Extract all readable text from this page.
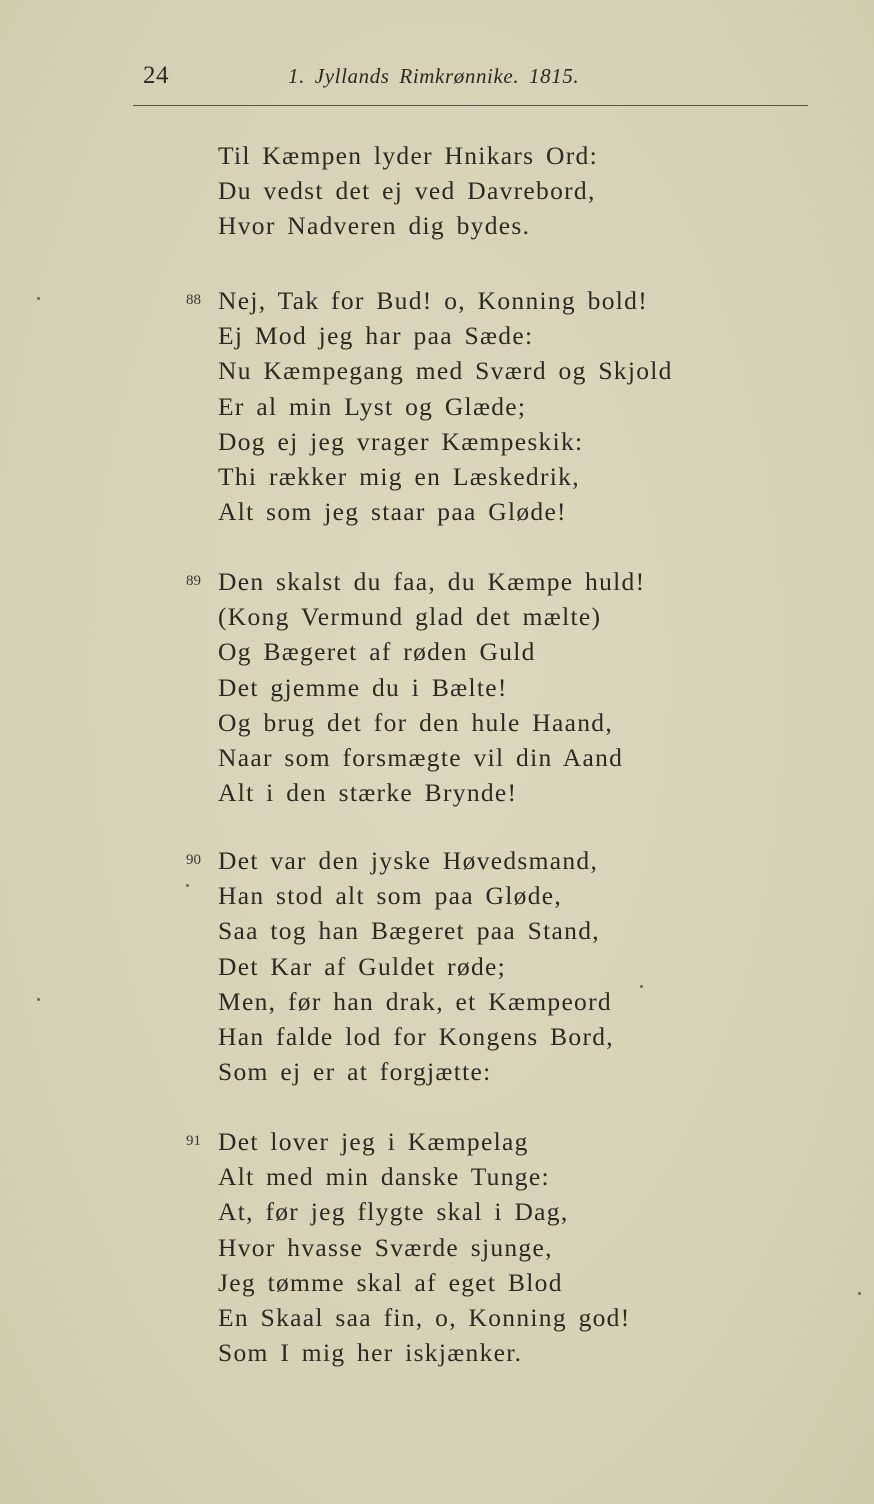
24	1. Jyllands Rimkrønnike. 1815.
Til Kæmpen lyder Hnikars Ord:
Du vedst det ej ved Davrebord,
Hvor Nadveren dig bydes.
88 Nej, Tak for Bud! o, Konning bold!
Ej Mod jeg har paa Sæde:
Nu Kæmpegang med Sværd og Skjold
Er al min Lyst og Glæde;
Dog ej jeg vrager Kæmpeskik:
Thi rækker mig en Læskedrik,
Alt som jeg staar paa Gløde!
89 Den skalst du faa, du Kæmpe huld!
(Kong Vermund glad det mælte)
Og Bægeret af røden Guld
Det gjemme du i Bælte!
Og brug det for den hule Haand,
Naar som forsmægte vil din Aand
Alt i den stærke Brynde!
90 Det var den jyske Høvedsmand,
Han stod alt som paa Gløde,
Saa tog han Bægeret paa Stand,
Det Kar af Guldet røde;
Men, før han drak, et Kæmpeord
Han falde lod for Kongens Bord,
Som ej er at forgjætte:
91 Det lover jeg i Kæmpelag
Alt med min danske Tunge:
At, før jeg flygte skal i Dag,
Hvor hvasse Sværde sjunge,
Jeg tømme skal af eget Blod
En Skaal saa fin, o, Konning god!
Som I mig her iskjænker.
